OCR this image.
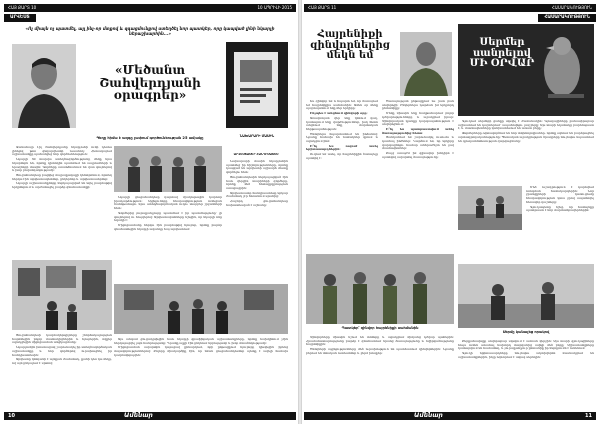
ՀԱՅ ՔԱՐՏ 10	10 ԱՊՐԻԼԻ 2015
ԱՐՎԵՍՏ
«Ոչ միայն ոչ պատմել, այլ ինչ-որ մտքով և զգացմունքով ստեղծել նոր պատկեր, որը կապված լինի նկարչի ներաշխարհին...»
«Մեծանտ
Շահվերդյանի
օրագրեր»
Գեղը հիմա է ազգը չափում գործունեության 25 ամյակը	ՆԱԽԱՐԱՐԻ ՄԱՍԻՆ

Ջանահայր Լիլ Շահվերդյանը նկարչուհի ունի դեռևս լինելով թոռ գեղարվեստի ուսանող։ Հետագայում աշխատանքը պահանջեց նոր գործունեություն։

Նկարչի 30 տարվա ստեղծագործությունը մենք նրա նկարներն են, որոնք դիտողին պատմում են ապրումների և երազների մասին։ Գործերը առանձնանում են վառ գույներով և խոր բովանդակությամբ։

Ցուցահանդեսը բացվեց մայրաքաղաքի կենտրոնում, որտեղ ներկա էին արվեստագետներ, ընկերներ և արվեստասերներ։

Նկարչի աշխատանքները ներկայացված են եղել բազմաթիվ երկրներում և արժանացել բարձր գնահատանքի։

Նկարչի ցուցահանդեսը դարձավ մշակութային կարևոր իրադարձություն։ Այցելուները հնարավորություն ունեցան ծանոթանալու նրա ստեղծագործական ուղու տարբեր շրջանների հետ։

Գործերից յուրաքանչյուրը պատմում է իր պատմությունը՝ լի գույներով ու հույզերով։ Արվեստաբանները նշեցին, որ նկարչի ոճը եզակի է։

Միջոցառմանը ներկա էին բազմաթիվ հյուրեր, որոնք բարձր գնահատեցին նկարչի ավանդը հայ արվեստում։

ԱՐՎԵՍՏԱՍԵՐ ՀԱՆԴԻՍԱՏԵՍ

Նախարարի մասին նկարչուհին պատմեց իր հիշողությունները, որոնք կապված են արվեստի աշխարհ մուտք գործելու հետ։

Ցուցահանդեսին ներկայացված էին նաև վերջին տարիների գործերը, որոնք մեծ հետաքրքրություն առաջացրին։

Արվեստասեր հանդիսատեսը երկար ժամանակ չէր հեռանում սրահից։

Հաջորդ ցուցահանդեսը նախատեսված է աշնանը։

Ցուցահանդեսի կազմակերպիչները շնորհակալություն հայտնեցին բոլոր մասնակիցներին և հյուրերին, ովքեր աջակցեցին միջոցառման անցկացմանը։

Նկարչուհին խոստացավ շարունակել իր ստեղծագործական աշխատանքը և նոր գործերով ուրախացնել իր հանդիսատեսին։

Արվեստը կենդանի է այնքան ժամանակ, քանի դեռ կա մեկը, ով այն ընկալում է սրտով։

Այս անգամ ցուցադրվեցին նաև նկարչի գրաֆիկական աշխատանքները, որոնք նախկինում չէին ներկայացվել լայն հանրությանը։ Դրանք աչքի էին ընկնում նրբությամբ և խոր մտածողությամբ։

Միջոցառման ավարտին կայացավ քննարկում, որի ընթացքում հյուրերը կիսվեցին իրենց տպավորություններով։ Բոլորը միակարծիք էին, որ նման ցուցահանդեսներ պետք է ավելի հաճախ կազմակերպվեն։

10	Ամենար
ՀԱՅ ՔԱՐՏ 11	ՀԱՍԱՐԱԿՈՒԹՅՈՒՆ
ՀԱՍԱՐԱԿՈՒԹՅՈՒՆ
Հայրենիքի
զինվորներից
մեկն եմ
Սերմեր
սանրելով
ՄԻ ՕՐՎԱՐ

Ես զինվոր եմ և հպարտ եմ, որ ծառայում եմ հայրենիքիս սահմանին։ Ամեն օր մենք պաշտպանում ենք մեր երկիրը։

Ինչպես է անցնում զինվորի օրը։

Առավոտյան վեր ենք կենում վաղ, կատարում ենք վարժություններ, իսկ հետո անցնում ենք մարտական հերթապահության։

Ծնողներս հպարտանում են ինձանով։ Նրանք հաճախ են նամակներ գրում և աջակցում ինձ։

Ի՞նչ ես ուզում ասել երիտասարդներին։

Ուզում եմ ասել, որ հայրենիքին ծառայելը պատիվ է։

Ծառայության ընթացքում ես շատ բան սովորեցի։ Ընկերներս դարձան իմ երկրորդ ընտանիքը։

Մենք միասին ենք հաղթահարում բոլոր դժվարությունները և աջակցում իրար։ Զինվորական կյանքը կարգապահություն է սովորեցնում։

Ի՞նչ ես պատրաստվում անել ծառայությունից հետո։

Ցանկանում եմ շարունակել ուսումս և դառնալ ինժեներ։ Կարծում եմ, որ երկիրը զարգացնելու համար անհրաժեշտ են լավ մասնագետներ։

Բայց առայժմ իմ գլխավոր խնդիրն է պատվով ավարտել ծառայությունը։

Գյուղում սերմերի ցանքը սկսվել է ժամանակին։ Գյուղացիները ջանասիրաբար աշխատում են դաշտերում՝ ապահովելու լավ բերք։ Այս տարի եղանակը բարենպաստ է, և մասնագետները կանխատեսում են առատ բերք։

Ֆերմերները օգտագործում են նոր տեխնոլոգիաներ, որոնք օգնում են բարձրացնել արտադրողականությունը։ Պետական աջակցության ծրագրերը նույնպես նպաստում են գյուղատնտեսության զարգացմանը։

Մեծ ուշադրություն է դարձվում ոռոգման համակարգերին։ Նոր ջրանցքների կառուցումը հնարավորություն կտա ջրով ապահովել հեռավոր դաշտերը։

Գյուղապետը նշեց, որ համայնքը պատրաստ է նոր մարտահրավերներին։

Պատկեր՝ զինվոր հայրենիքի սահմանին

Զինվորները միասին նշում են տոները և աջակցում միմյանց դժվար պահերին։ Հրամանատարությունը բարձր է գնահատում նրանց ծառայությունը և նվիրվածությունը հայրենիքին։

Ծնողների այցելությունները մեծ ուրախություն են պատճառում զինվորներին։ Նրանք բերում են տնական ուտեստներ և ջերմ խոսքեր։

Սերմը կանաչեց որակով

Բերքահավաքը սովորաբար սկսվում է ամռան վերջին։ Այս տարի գյուղացիները հույս ունեն ստանալ նախորդ տարվանից ավելի մեծ բերք։ Աշխատանքները կատարվում են համատեղ, և յուրաքանչյուր ընտանիք իր ներդրումն է ունենում։

Գյուղի երիտասարդները նույնպես ակտիվորեն մասնակցում են աշխատանքներին, ինչը ոգևորում է ավագ սերնդին։

Ամենար	11
